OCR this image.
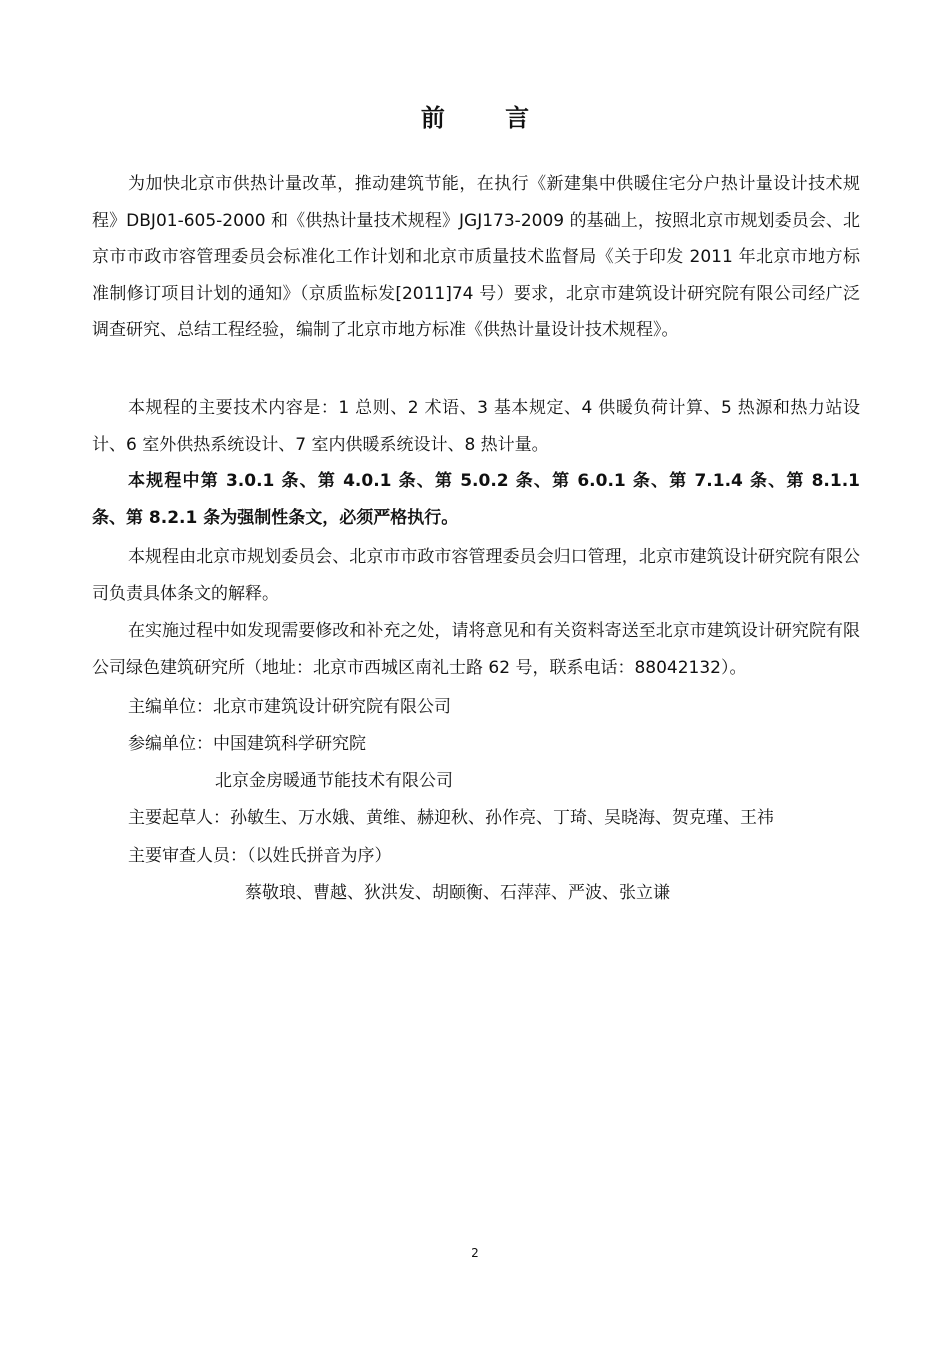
前 言

为加快北京市供热计量改革，推动建筑节能，在执行《新建集中供暖住宅分户热计量设计技术规程》DBJ01-605-2000 和《供热计量技术规程》JGJ173-2009 的基础上，按照北京市规划委员会、北京市市政市容管理委员会标准化工作计划和北京市质量技术监督局《关于印发 2011 年北京市地方标准制修订项目计划的通知》（京质监标发[2011]74 号）要求，北京市建筑设计研究院有限公司经广泛调查研究、总结工程经验，编制了北京市地方标准《供热计量设计技术规程》。

本规程的主要技术内容是：1 总则、2 术语、3 基本规定、4 供暖负荷计算、5 热源和热力站设计、6 室外供热系统设计、7 室内供暖系统设计、8 热计量。

本规程中第 3.0.1 条、第 4.0.1 条、第 5.0.2 条、第 6.0.1 条、第 7.1.4 条、第 8.1.1 条、第 8.2.1 条为强制性条文，必须严格执行。

本规程由北京市规划委员会、北京市市政市容管理委员会归口管理，北京市建筑设计研究院有限公司负责具体条文的解释。

在实施过程中如发现需要修改和补充之处，请将意见和有关资料寄送至北京市建筑设计研究院有限公司绿色建筑研究所（地址：北京市西城区南礼士路 62 号，联系电话：88042132）。

主编单位：北京市建筑设计研究院有限公司

参编单位：中国建筑科学研究院

北京金房暖通节能技术有限公司

主要起草人：孙敏生、万水娥、黄维、赫迎秋、孙作亮、丁琦、吴晓海、贺克瑾、王祎

主要审查人员：（以姓氏拼音为序）

蔡敬琅、曹越、狄洪发、胡颐衡、石萍萍、严波、张立谦

2
